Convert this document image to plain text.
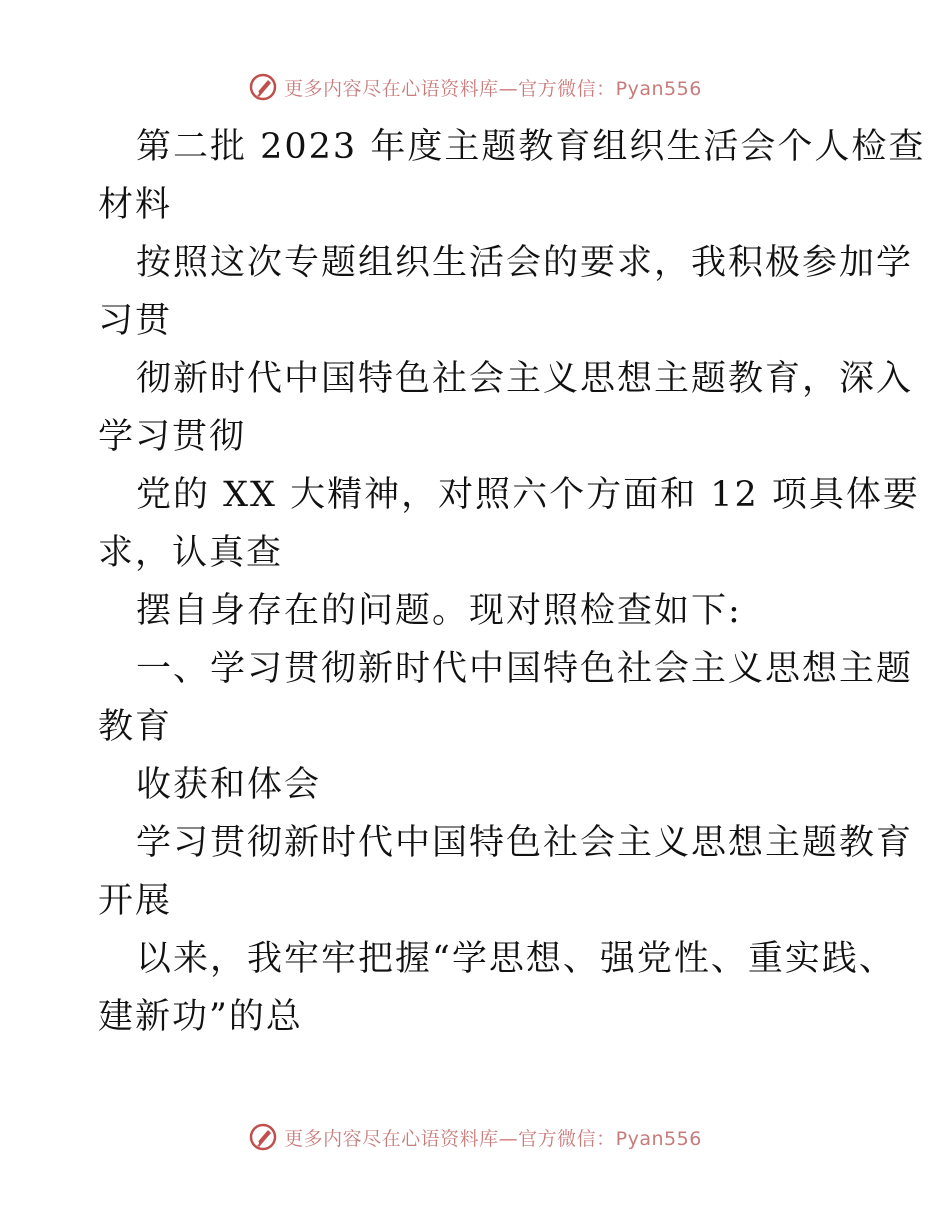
更多内容尽在心语资料库—官方微信：Pyan556

第二批 2023 年度主题教育组织生活会个人检查

材料

按照这次专题组织生活会的要求，我积极参加学

习贯

彻新时代中国特色社会主义思想主题教育，深入

学习贯彻

党的 XX 大精神，对照六个方面和 12 项具体要

求，认真查

摆自身存在的问题。现对照检查如下:

一、学习贯彻新时代中国特色社会主义思想主题

教育

收获和体会

学习贯彻新时代中国特色社会主义思想主题教育

开展

以来，我牢牢把握“学思想、强党性、重实践、

建新功”的总

更多内容尽在心语资料库—官方微信：Pyan556
